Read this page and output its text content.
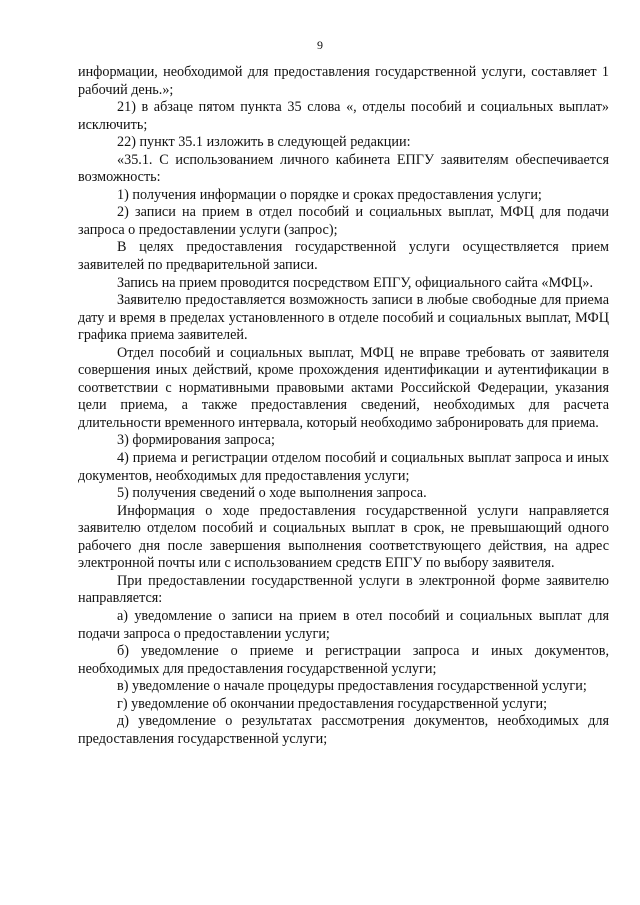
9

информации, необходимой для предоставления государственной услуги, составляет 1 рабочий день.»;

21) в абзаце пятом пункта 35 слова «, отделы пособий и социальных выплат» исключить;

22) пункт 35.1 изложить в следующей редакции:

«35.1. С использованием личного кабинета ЕПГУ заявителям обеспечивается возможность:

1) получения информации о порядке и сроках предоставления услуги;

2) записи на прием в отдел пособий и социальных выплат, МФЦ для подачи запроса о предоставлении услуги (запрос);

В целях предоставления государственной услуги осуществляется прием заявителей по предварительной записи.

Запись на прием проводится посредством ЕПГУ, официального сайта «МФЦ».

Заявителю предоставляется возможность записи в любые свободные для приема дату и время в пределах установленного в отделе пособий и социальных выплат, МФЦ графика приема заявителей.

Отдел пособий и социальных выплат, МФЦ не вправе требовать от заявителя совершения иных действий, кроме прохождения идентификации и аутентификации в соответствии с нормативными правовыми актами Российской Федерации, указания цели приема, а также предоставления сведений, необходимых для расчета длительности временного интервала, который необходимо забронировать для приема.

3) формирования запроса;

4) приема и регистрации отделом пособий и социальных выплат запроса и иных документов, необходимых для предоставления услуги;

5) получения сведений о ходе выполнения запроса.

Информация о ходе предоставления государственной услуги направляется заявителю отделом пособий и социальных выплат в срок, не превышающий одного рабочего дня после завершения выполнения соответствующего действия, на адрес электронной почты или с использованием средств ЕПГУ по выбору заявителя.

При предоставлении государственной услуги в электронной форме заявителю направляется:

а) уведомление о записи на прием в отел пособий и социальных выплат для подачи запроса о предоставлении услуги;

б) уведомление о приеме и регистрации запроса и иных документов, необходимых для предоставления государственной услуги;

в) уведомление о начале процедуры предоставления государственной услуги;

г) уведомление об окончании предоставления государственной услуги;

д) уведомление о результатах рассмотрения документов, необходимых для предоставления государственной услуги;
